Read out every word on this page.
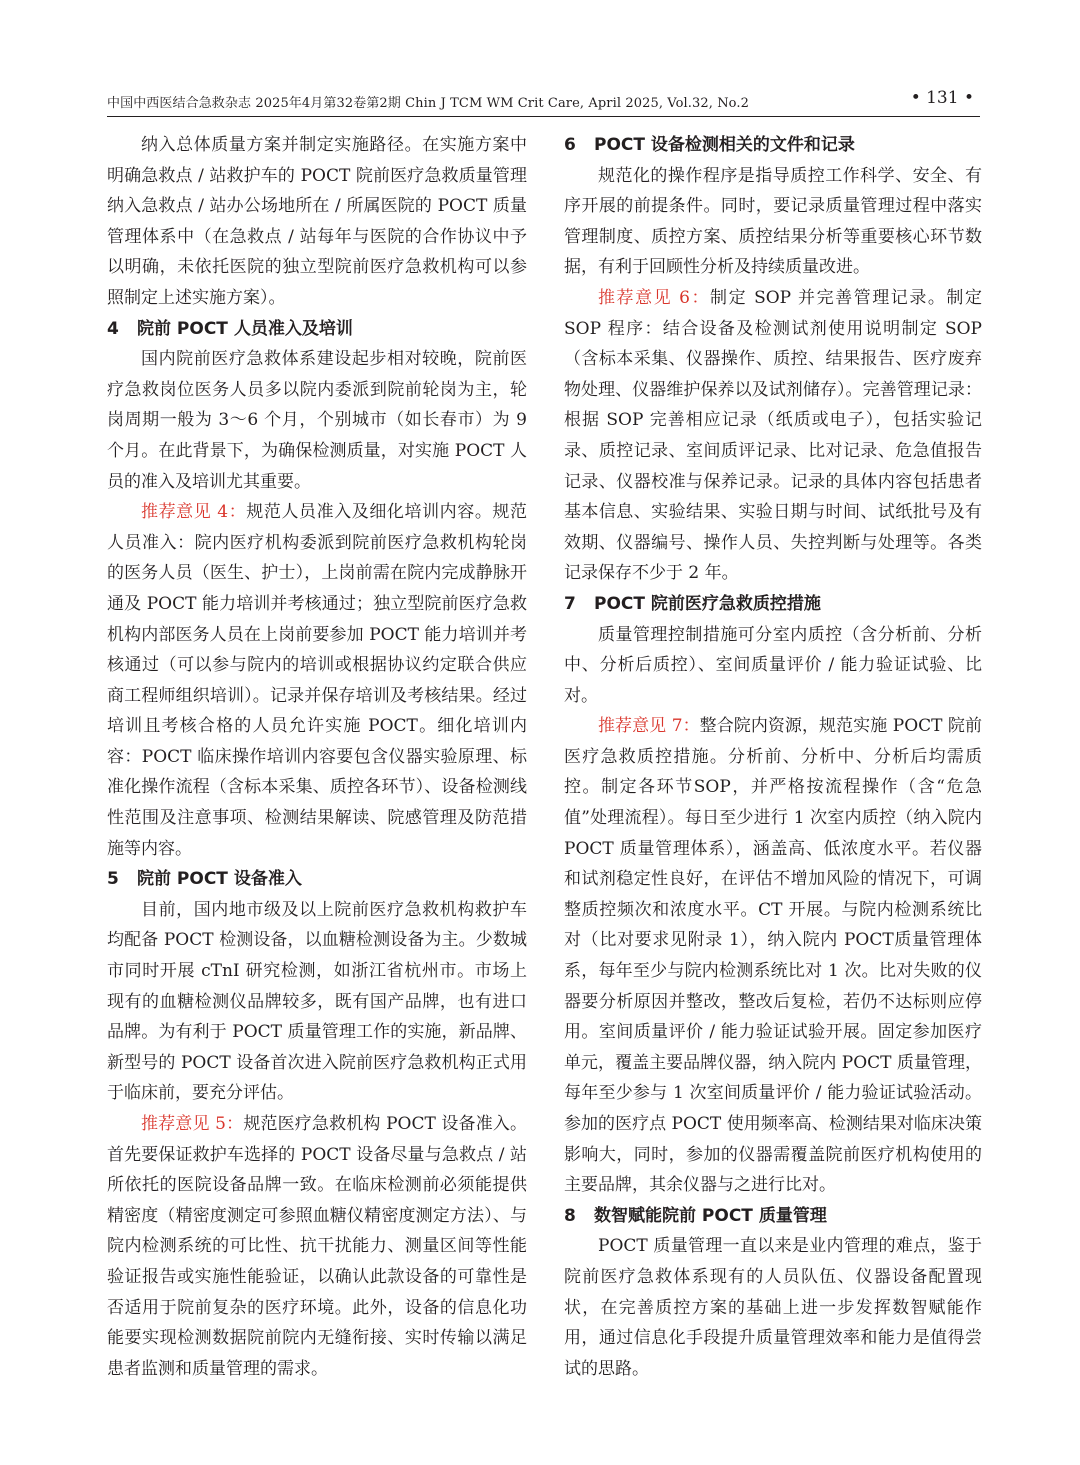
中国中西医结合急救杂志 2025年4月第32卷第2期 Chin J TCM WM Crit Care, April 2025, Vol.32, No.2	• 131 •

纳入总体质量方案并制定实施路径。在实施方案中明确急救点 / 站救护车的 POCT 院前医疗急救质量管理纳入急救点 / 站办公场地所在 / 所属医院的 POCT 质量管理体系中（在急救点 / 站每年与医院的合作协议中予以明确，未依托医院的独立型院前医疗急救机构可以参照制定上述实施方案）。

4 院前 POCT 人员准入及培训

国内院前医疗急救体系建设起步相对较晚，院前医疗急救岗位医务人员多以院内委派到院前轮岗为主，轮岗周期一般为 3～6 个月，个别城市（如长春市）为 9 个月。在此背景下，为确保检测质量，对实施 POCT 人员的准入及培训尤其重要。

推荐意见 4：规范人员准入及细化培训内容。规范人员准入：院内医疗机构委派到院前医疗急救机构轮岗的医务人员（医生、护士），上岗前需在院内完成静脉开通及 POCT 能力培训并考核通过；独立型院前医疗急救机构内部医务人员在上岗前要参加 POCT 能力培训并考核通过（可以参与院内的培训或根据协议约定联合供应商工程师组织培训）。记录并保存培训及考核结果。经过培训且考核合格的人员允许实施 POCT。细化培训内容：POCT 临床操作培训内容要包含仪器实验原理、标准化操作流程（含标本采集、质控各环节）、设备检测线性范围及注意事项、检测结果解读、院感管理及防范措施等内容。

5 院前 POCT 设备准入

目前，国内地市级及以上院前医疗急救机构救护车均配备 POCT 检测设备，以血糖检测设备为主。少数城市同时开展 cTnI 研究检测，如浙江省杭州市。市场上现有的血糖检测仪品牌较多，既有国产品牌，也有进口品牌。为有利于 POCT 质量管理工作的实施，新品牌、新型号的 POCT 设备首次进入院前医疗急救机构正式用于临床前，要充分评估。

推荐意见 5：规范医疗急救机构 POCT 设备准入。首先要保证救护车选择的 POCT 设备尽量与急救点 / 站所依托的医院设备品牌一致。在临床检测前必须能提供精密度（精密度测定可参照血糖仪精密度测定方法）、与院内检测系统的可比性、抗干扰能力、测量区间等性能验证报告或实施性能验证，以确认此款设备的可靠性是否适用于院前复杂的医疗环境。此外，设备的信息化功能要实现检测数据院前院内无缝衔接、实时传输以满足患者监测和质量管理的需求。

6 POCT 设备检测相关的文件和记录

规范化的操作程序是指导质控工作科学、安全、有序开展的前提条件。同时，要记录质量管理过程中落实管理制度、质控方案、质控结果分析等重要核心环节数据，有利于回顾性分析及持续质量改进。

推荐意见 6：制定 SOP 并完善管理记录。制定 SOP 程序：结合设备及检测试剂使用说明制定 SOP（含标本采集、仪器操作、质控、结果报告、医疗废弃物处理、仪器维护保养以及试剂储存）。完善管理记录：根据 SOP 完善相应记录（纸质或电子），包括实验记录、质控记录、室间质评记录、比对记录、危急值报告记录、仪器校准与保养记录。记录的具体内容包括患者基本信息、实验结果、实验日期与时间、试纸批号及有效期、仪器编号、操作人员、失控判断与处理等。各类记录保存不少于 2 年。

7 POCT 院前医疗急救质控措施

质量管理控制措施可分室内质控（含分析前、分析中、分析后质控）、室间质量评价 / 能力验证试验、比对。

推荐意见 7：整合院内资源，规范实施 POCT 院前医疗急救质控措施。分析前、分析中、分析后均需质控。制定各环节SOP，并严格按流程操作（含“危急值”处理流程）。每日至少进行 1 次室内质控（纳入院内 POCT 质量管理体系），涵盖高、低浓度水平。若仪器和试剂稳定性良好，在评估不增加风险的情况下，可调整质控频次和浓度水平。CT 开展。与院内检测系统比对（比对要求见附录 1），纳入院内 POCT质量管理体系，每年至少与院内检测系统比对 1 次。比对失败的仪器要分析原因并整改，整改后复检，若仍不达标则应停用。室间质量评价 / 能力验证试验开展。固定参加医疗单元，覆盖主要品牌仪器，纳入院内 POCT 质量管理，每年至少参与 1 次室间质量评价 / 能力验证试验活动。参加的医疗点 POCT 使用频率高、检测结果对临床决策影响大，同时，参加的仪器需覆盖院前医疗机构使用的主要品牌，其余仪器与之进行比对。

8 数智赋能院前 POCT 质量管理

POCT 质量管理一直以来是业内管理的难点，鉴于院前医疗急救体系现有的人员队伍、仪器设备配置现状，在完善质控方案的基础上进一步发挥数智赋能作用，通过信息化手段提升质量管理效率和能力是值得尝试的思路。
